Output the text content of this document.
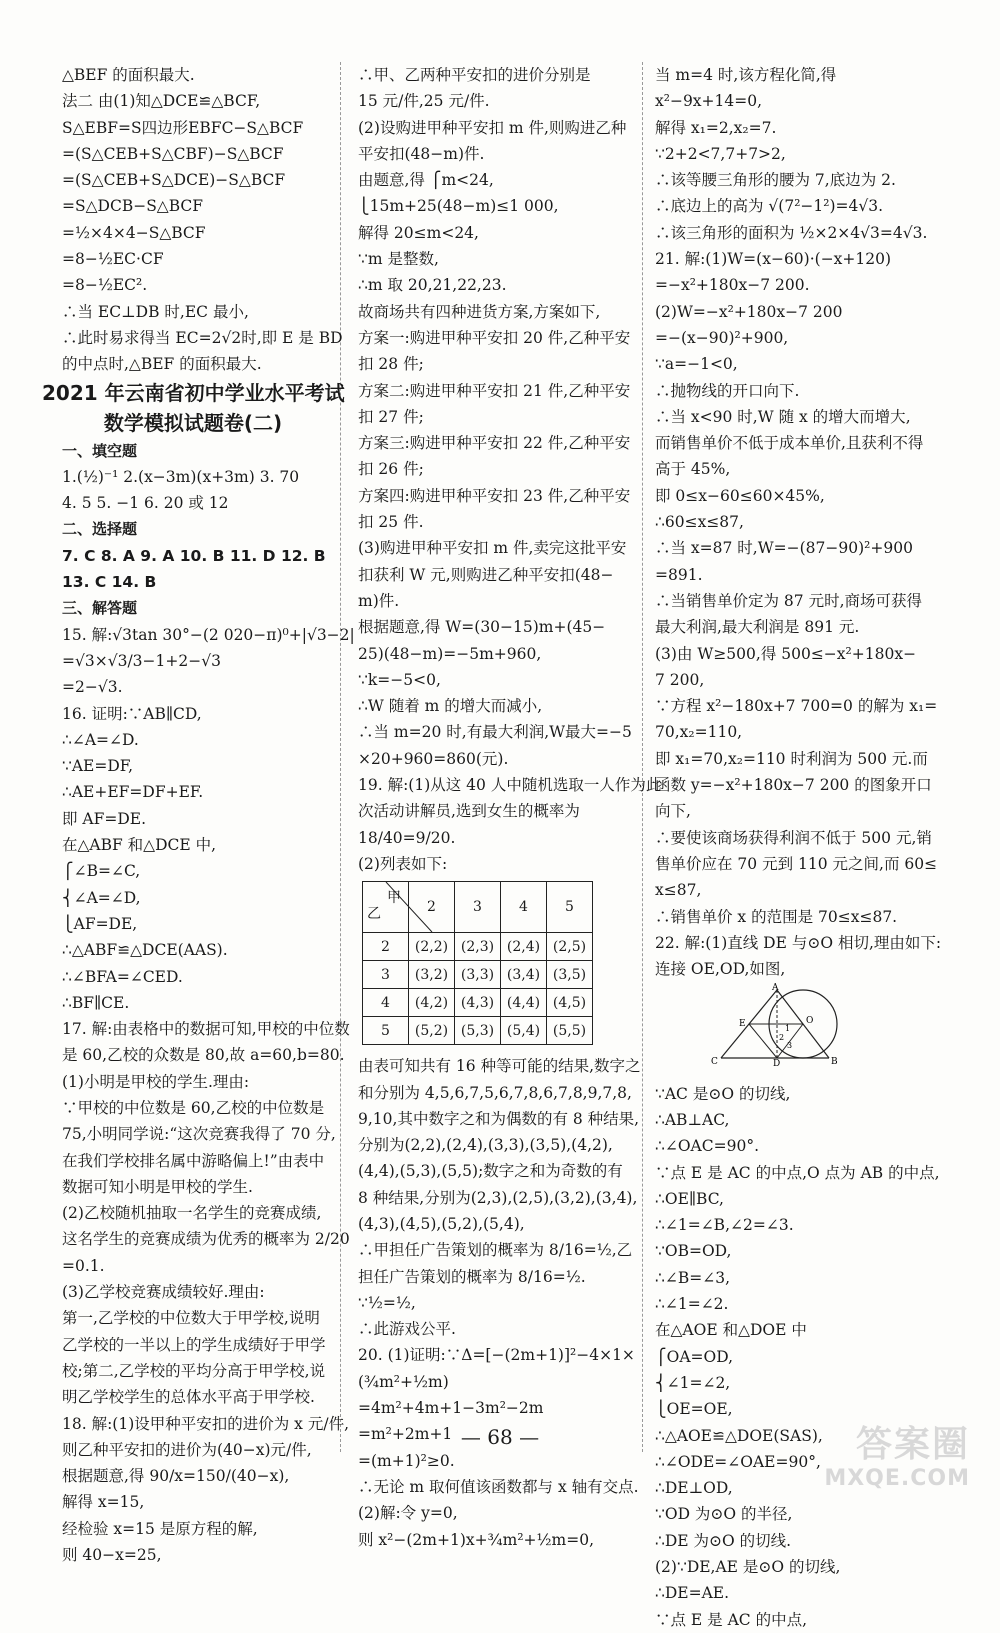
△BEF 的面积最大.
法二 由(1)知△DCE≌△BCF,
S△EBF=S四边形EBFC−S△BCF
=(S△CEB+S△CBF)−S△BCF
=(S△CEB+S△DCE)−S△BCF
=S△DCB−S△BCF
=½×4×4−S△BCF
=8−½EC·CF
=8−½EC².
∴当 EC⊥DB 时,EC 最小,
∴此时易求得当 EC=2√2时,即 E 是 BD
的中点时,△BEF 的面积最大.
2021 年云南省初中学业水平考试
数学模拟试题卷(二)
一、填空题
1.(½)⁻¹ 2.(x−3m)(x+3m) 3. 70
4. 5 5. −1 6. 20 或 12
二、选择题
7. C 8. A 9. A 10. B 11. D 12. B
13. C 14. B
三、解答题
15. 解:√3tan 30°−(2 020−π)⁰+|√3−2|
=√3×√3/3−1+2−√3
=2−√3.
16. 证明:∵AB∥CD,
∴∠A=∠D.
∵AE=DF,
∴AE+EF=DF+EF.
即 AF=DE.
在△ABF 和△DCE 中,
⎧∠B=∠C,
⎨∠A=∠D,
⎩AF=DE,
∴△ABF≌△DCE(AAS).
∴∠BFA=∠CED.
∴BF∥CE.
17. 解:由表格中的数据可知,甲校的中位数
是 60,乙校的众数是 80,故 a=60,b=80.
(1)小明是甲校的学生.理由:
∵甲校的中位数是 60,乙校的中位数是
75,小明同学说:“这次竞赛我得了 70 分,
在我们学校排名属中游略偏上!”由表中
数据可知小明是甲校的学生.
(2)乙校随机抽取一名学生的竞赛成绩,
这名学生的竞赛成绩为优秀的概率为 2/20
=0.1.
(3)乙学校竞赛成绩较好.理由:
第一,乙学校的中位数大于甲学校,说明
乙学校的一半以上的学生成绩好于甲学
校;第二,乙学校的平均分高于甲学校,说
明乙学校学生的总体水平高于甲学校.
18. 解:(1)设甲种平安扣的进价为 x 元/件,
则乙种平安扣的进价为(40−x)元/件,
根据题意,得 90/x=150/(40−x),
解得 x=15,
经检验 x=15 是原方程的解,
则 40−x=25,
∴甲、乙两种平安扣的进价分别是
15 元/件,25 元/件.
(2)设购进甲种平安扣 m 件,则购进乙种
平安扣(48−m)件.
由题意,得 ⎧m<24,
⎩15m+25(48−m)≤1 000,
解得 20≤m<24,
∵m 是整数,
∴m 取 20,21,22,23.
故商场共有四种进货方案,方案如下,
方案一:购进甲种平安扣 20 件,乙种平安
扣 28 件;
方案二:购进甲种平安扣 21 件,乙种平安
扣 27 件;
方案三:购进甲种平安扣 22 件,乙种平安
扣 26 件;
方案四:购进甲种平安扣 23 件,乙种平安
扣 25 件.
(3)购进甲种平安扣 m 件,卖完这批平安
扣获利 W 元,则购进乙种平安扣(48−
m)件.
根据题意,得 W=(30−15)m+(45−
25)(48−m)=−5m+960,
∵k=−5<0,
∴W 随着 m 的增大而减小,
∴当 m=20 时,有最大利润,W最大=−5
×20+960=860(元).
19. 解:(1)从这 40 人中随机选取一人作为此
次活动讲解员,选到女生的概率为
18/40=9/20.
(2)列表如下:
甲
乙	2	3	4	5
2	(2,2)	(2,3)	(2,4)	(2,5)
3	(3,2)	(3,3)	(3,4)	(3,5)
4	(4,2)	(4,3)	(4,4)	(4,5)
5	(5,2)	(5,3)	(5,4)	(5,5)
由表可知共有 16 种等可能的结果,数字之
和分别为 4,5,6,7,5,6,7,8,6,7,8,9,7,8,
9,10,其中数字之和为偶数的有 8 种结果,
分别为(2,2),(2,4),(3,3),(3,5),(4,2),
(4,4),(5,3),(5,5);数字之和为奇数的有
8 种结果,分别为(2,3),(2,5),(3,2),(3,4),
(4,3),(4,5),(5,2),(5,4),
∴甲担任广告策划的概率为 8/16=½,乙
担任广告策划的概率为 8/16=½.
∵½=½,
∴此游戏公平.
20. (1)证明:∵Δ=[−(2m+1)]²−4×1×
(¾m²+½m)
=4m²+4m+1−3m²−2m
=m²+2m+1
=(m+1)²≥0.
∴无论 m 取何值该函数都与 x 轴有交点.
(2)解:令 y=0,
则 x²−(2m+1)x+¾m²+½m=0,
当 m=4 时,该方程化简,得
x²−9x+14=0,
解得 x₁=2,x₂=7.
∵2+2<7,7+7>2,
∴该等腰三角形的腰为 7,底边为 2.
∴底边上的高为 √(7²−1²)=4√3.
∴该三角形的面积为 ½×2×4√3=4√3.
21. 解:(1)W=(x−60)·(−x+120)
=−x²+180x−7 200.
(2)W=−x²+180x−7 200
=−(x−90)²+900,
∵a=−1<0,
∴抛物线的开口向下.
∴当 x<90 时,W 随 x 的增大而增大,
而销售单价不低于成本单价,且获利不得
高于 45%,
即 0≤x−60≤60×45%,
∴60≤x≤87,
∴当 x=87 时,W=−(87−90)²+900
=891.
∴当销售单价定为 87 元时,商场可获得
最大利润,最大利润是 891 元.
(3)由 W≥500,得 500≤−x²+180x−
7 200,
∵方程 x²−180x+7 700=0 的解为 x₁=
70,x₂=110,
即 x₁=70,x₂=110 时利润为 500 元.而
函数 y=−x²+180x−7 200 的图象开口
向下,
∴要使该商场获得利润不低于 500 元,销
售单价应在 70 元到 110 元之间,而 60≤
x≤87,
∴销售单价 x 的范围是 70≤x≤87.
22. 解:(1)直线 DE 与⊙O 相切,理由如下:
连接 OE,OD,如图,
A
E	O
C	D	B
1
2
3
∵AC 是⊙O 的切线,
∴AB⊥AC,
∴∠OAC=90°.
∵点 E 是 AC 的中点,O 点为 AB 的中点,
∴OE∥BC,
∴∠1=∠B,∠2=∠3.
∵OB=OD,
∴∠B=∠3,
∴∠1=∠2.
在△AOE 和△DOE 中
⎧OA=OD,
⎨∠1=∠2,
⎩OE=OE,
∴△AOE≌△DOE(SAS),
∴∠ODE=∠OAE=90°,
∴DE⊥OD,
∵OD 为⊙O 的半径,
∴DE 为⊙O 的切线.
(2)∵DE,AE 是⊙O 的切线,
∴DE=AE.
∵点 E 是 AC 的中点,
— 68 —	答案圈
MXQE.COM
